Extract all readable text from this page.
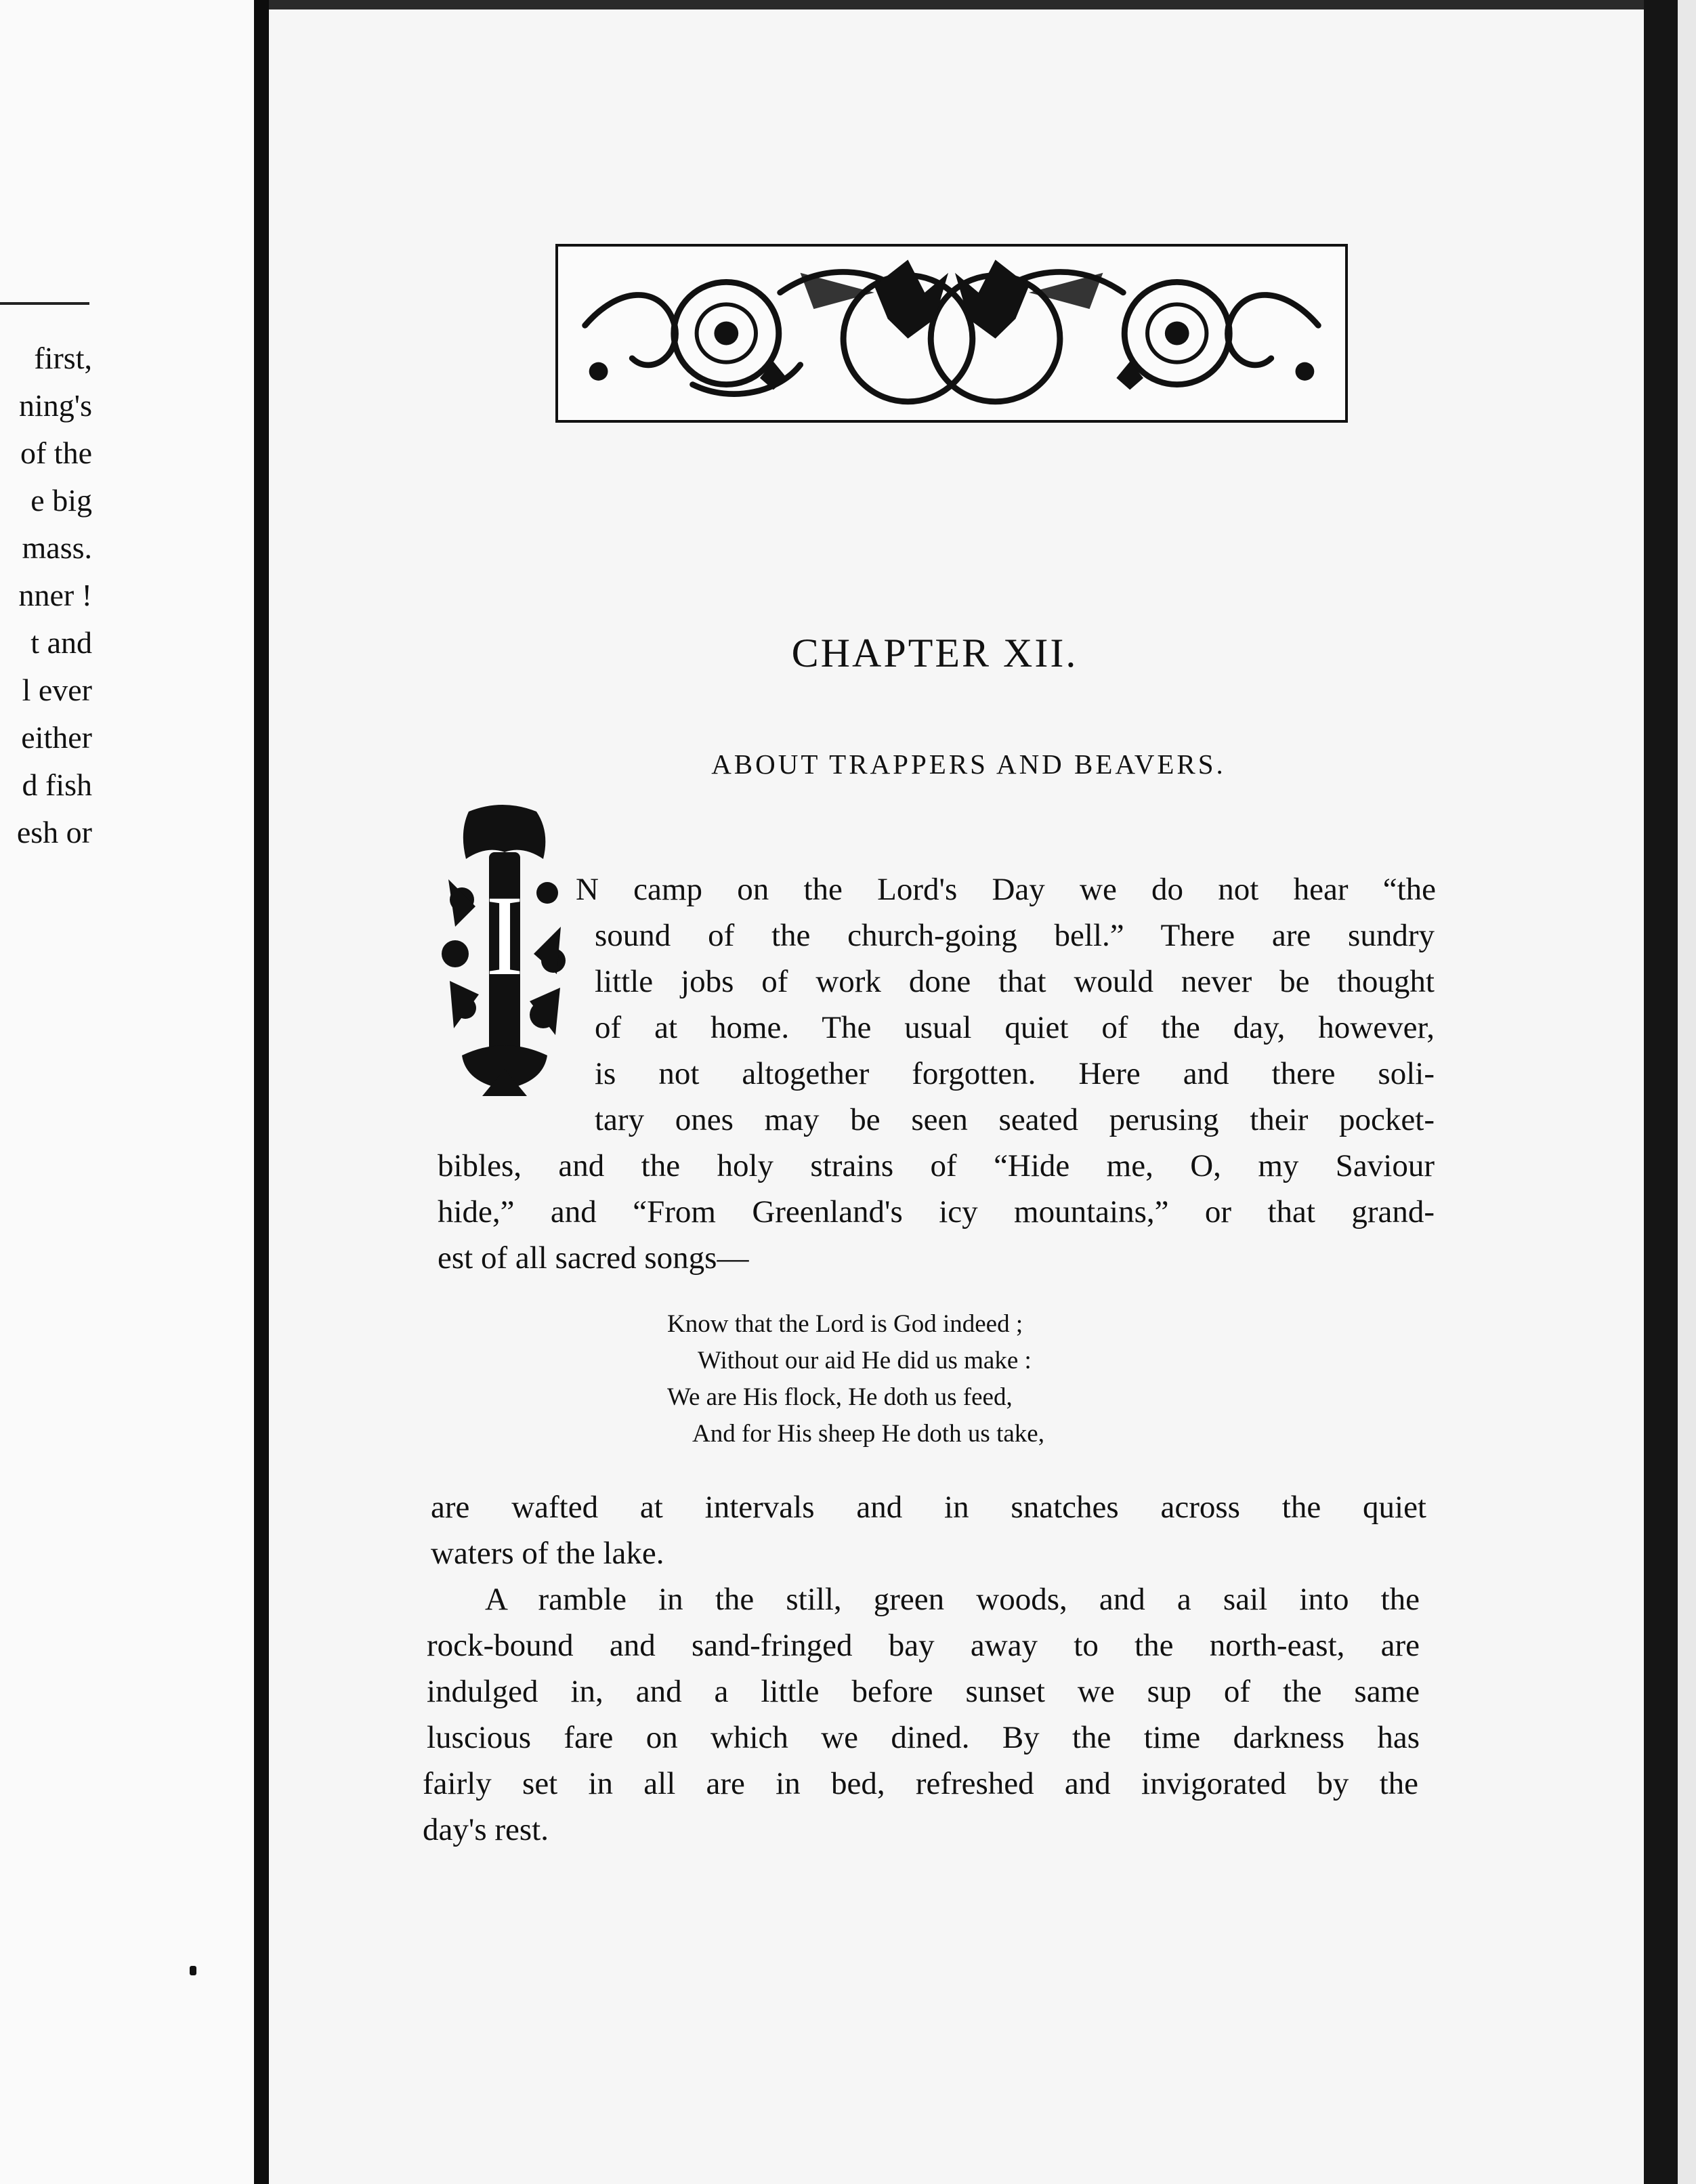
first,
ning's
of the
e big
mass.
nner !
t and
l ever
either
d fish
esh or
CHAPTER XII.
ABOUT TRAPPERS AND BEAVERS.
I N camp on the Lord's Day we do not hear “the
sound of the church-going bell.” There are sundry
little jobs of work done that would never be thought
of at home. The usual quiet of the day, however,
is not altogether forgotten. Here and there soli-
tary ones may be seen seated perusing their pocket-
bibles, and the holy strains of “Hide me, O, my Saviour
hide,” and “From Greenland's icy mountains,” or that grand-
est of all sacred songs—
Know that the Lord is God indeed ;
Without our aid He did us make :
We are His flock, He doth us feed,
And for His sheep He doth us take,
are wafted at intervals and in snatches across the quiet
waters of the lake.
A ramble in the still, green woods, and a sail into the
rock-bound and sand-fringed bay away to the north-east, are
indulged in, and a little before sunset we sup of the same
luscious fare on which we dined. By the time darkness has
fairly set in all are in bed, refreshed and invigorated by the
day's rest.
